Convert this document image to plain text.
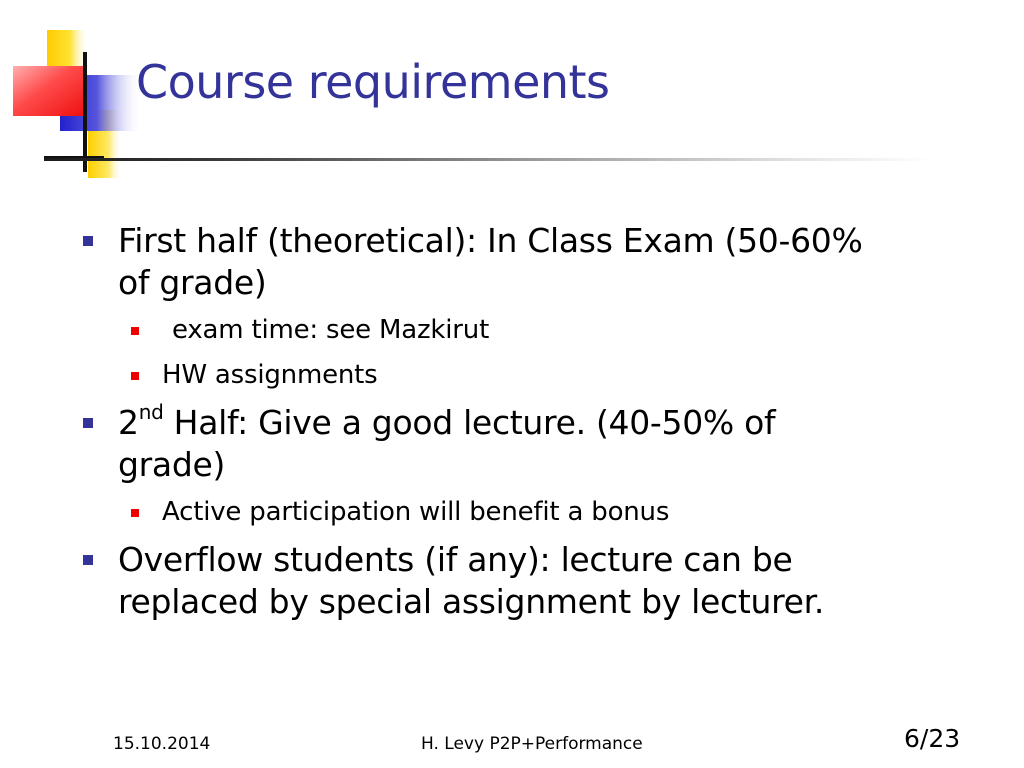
Course requirements
First half (theoretical): In Class Exam (50-60% of grade)
exam time: see Mazkirut
HW assignments
2nd Half: Give a good lecture. (40-50% of grade)
Active participation will benefit a bonus
Overflow students (if any): lecture can be replaced by special assignment by lecturer.
15.10.2014	H. Levy P2P+Performance	6/23
